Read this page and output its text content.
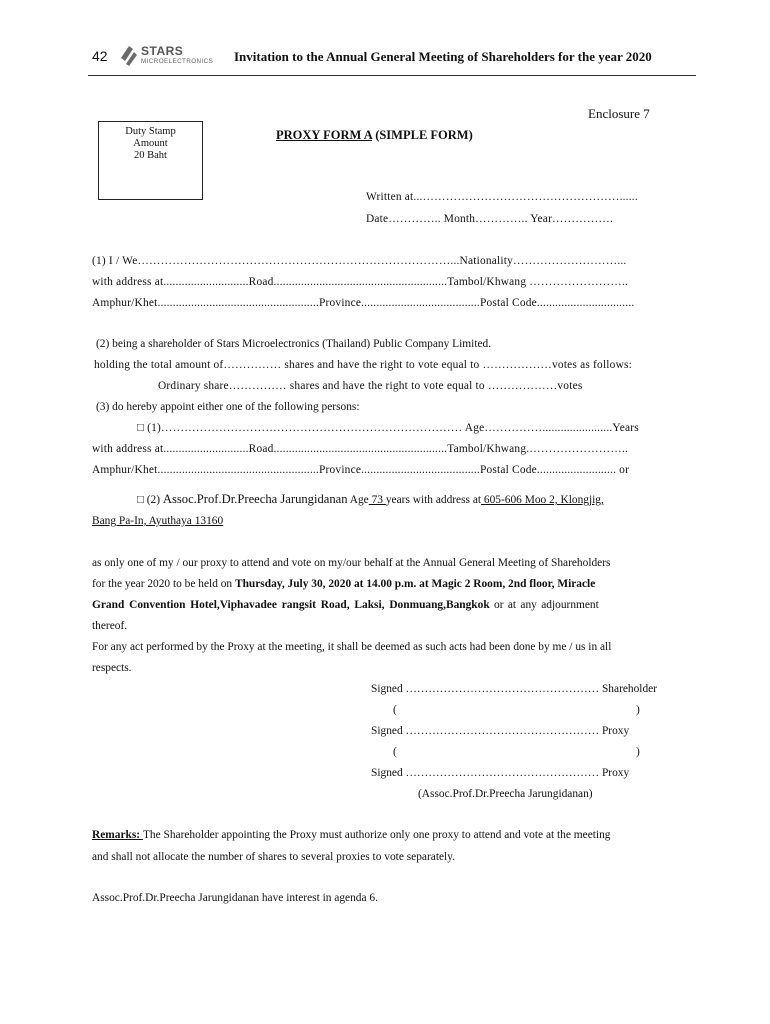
42	STARS
MICROELECTRONICS Invitation to the Annual General Meeting of Shareholders for the year 2020
Enclosure 7
Duty Stamp
Amount
20 Baht
PROXY FORM A (SIMPLE FORM)
Written at...……………………………………………......
Date………….. Month………….. Year…………….
(1) I / We………………………………………………………………………...Nationality………………………...
with address at............................Road.........................................................Tambol/Khwang ……………………..
Amphur/Khet.....................................................Province.......................................Postal Code................................
(2) being a shareholder of Stars Microelectronics (Thailand) Public Company Limited.
holding the total amount of…………… shares and have the right to vote equal to ………………votes as follows:
Ordinary share…………… shares and have the right to vote equal to ………………votes
(3) do hereby appoint either one of the following persons:
□ (1)…………………………………………………………………… Age…………….......................Years
with address at............................Road.........................................................Tambol/Khwang.……………………..
Amphur/Khet.....................................................Province.......................................Postal Code.......................... or
□ (2) Assoc.Prof.Dr.Preecha Jarungidanan Age 73 years with address at 605-606 Moo 2, Klongjig,
Bang Pa-In, Ayuthaya 13160
as only one of my / our proxy to attend and vote on my/our behalf at the Annual General Meeting of Shareholders
for the year 2020 to be held on Thursday, July 30, 2020 at 14.00 p.m. at Magic 2 Room, 2nd floor, Miracle
Grand Convention Hotel,Viphavadee rangsit Road, Laksi, Donmuang,Bangkok or at any adjournment
thereof.
For any act performed by the Proxy at the meeting, it shall be deemed as such acts had been done by me / us in all
respects.
Signed …………………………………………… Shareholder
(	)
Signed …………………………………………… Proxy
(	)
Signed …………………………………………… Proxy
(Assoc.Prof.Dr.Preecha Jarungidanan)
Remarks: The Shareholder appointing the Proxy must authorize only one proxy to attend and vote at the meeting
and shall not allocate the number of shares to several proxies to vote separately.
Assoc.Prof.Dr.Preecha Jarungidanan have interest in agenda 6.
